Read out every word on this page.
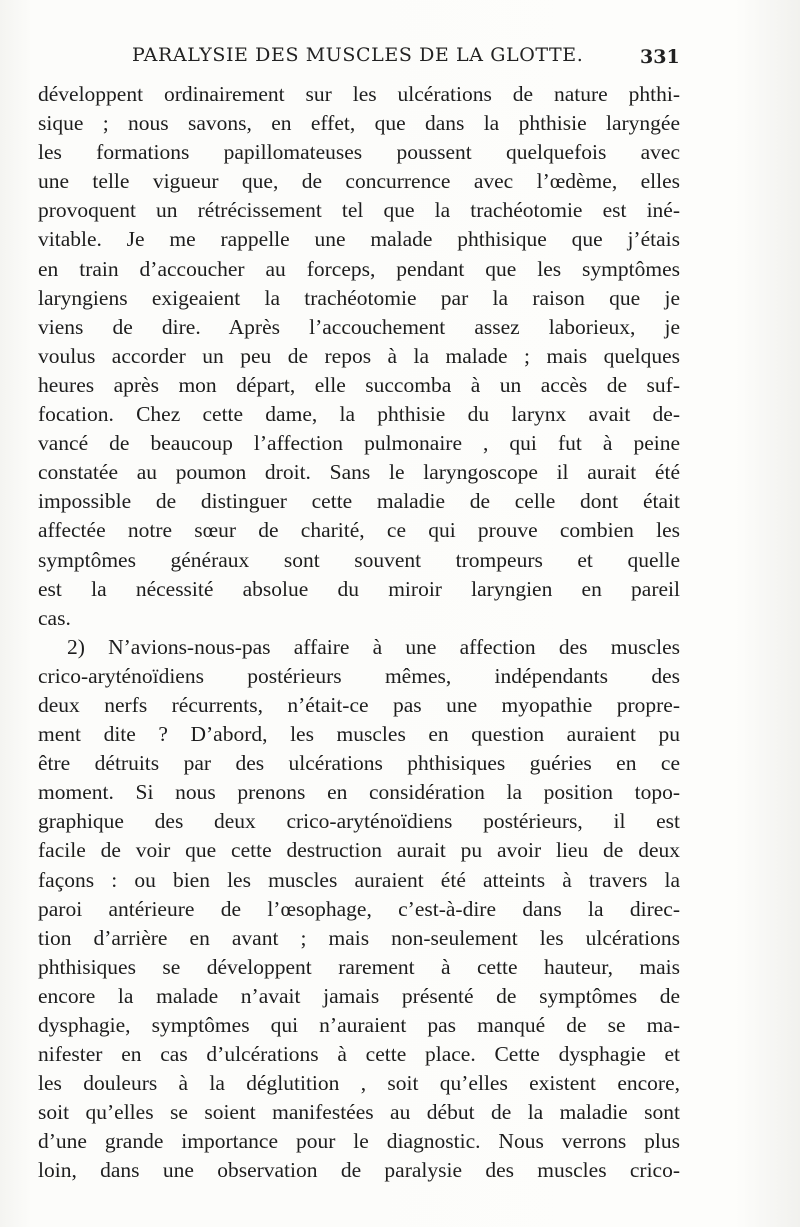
PARALYSIE DES MUSCLES DE LA GLOTTE.	331
développent ordinairement sur les ulcérations de nature phthi-
sique ; nous savons, en effet, que dans la phthisie laryngée
les formations papillomateuses poussent quelquefois avec
une telle vigueur que, de concurrence avec l’œdème, elles
provoquent un rétrécissement tel que la trachéotomie est iné-
vitable. Je me rappelle une malade phthisique que j’étais
en train d’accoucher au forceps, pendant que les symptômes
laryngiens exigeaient la trachéotomie par la raison que je
viens de dire. Après l’accouchement assez laborieux, je
voulus accorder un peu de repos à la malade ; mais quelques
heures après mon départ, elle succomba à un accès de suf-
focation. Chez cette dame, la phthisie du larynx avait de-
vancé de beaucoup l’affection pulmonaire , qui fut à peine
constatée au poumon droit. Sans le laryngoscope il aurait été
impossible de distinguer cette maladie de celle dont était
affectée notre sœur de charité, ce qui prouve combien les
symptômes généraux sont souvent trompeurs et quelle
est la nécessité absolue du miroir laryngien en pareil
cas.
2) N’avions-nous-pas affaire à une affection des muscles
crico-aryténoïdiens postérieurs mêmes, indépendants des
deux nerfs récurrents, n’était-ce pas une myopathie propre-
ment dite ? D’abord, les muscles en question auraient pu
être détruits par des ulcérations phthisiques guéries en ce
moment. Si nous prenons en considération la position topo-
graphique des deux crico-aryténoïdiens postérieurs, il est
facile de voir que cette destruction aurait pu avoir lieu de deux
façons : ou bien les muscles auraient été atteints à travers la
paroi antérieure de l’œsophage, c’est-à-dire dans la direc-
tion d’arrière en avant ; mais non-seulement les ulcérations
phthisiques se développent rarement à cette hauteur, mais
encore la malade n’avait jamais présenté de symptômes de
dysphagie, symptômes qui n’auraient pas manqué de se ma-
nifester en cas d’ulcérations à cette place. Cette dysphagie et
les douleurs à la déglutition , soit qu’elles existent encore,
soit qu’elles se soient manifestées au début de la maladie sont
d’une grande importance pour le diagnostic. Nous verrons plus
loin, dans une observation de paralysie des muscles crico-
